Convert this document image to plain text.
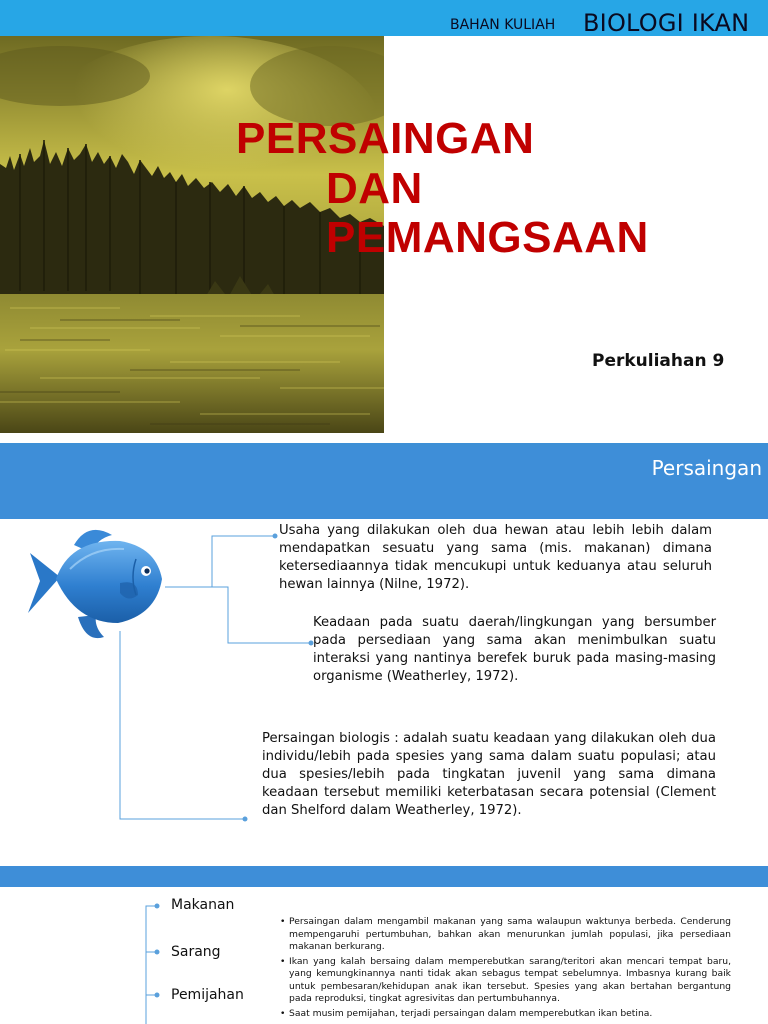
BAHAN KULIAH BIOLOGI IKAN
PERSAINGAN
DAN
PEMANGSAAN
Perkuliahan 9
Persaingan

Usaha yang dilakukan oleh dua hewan atau lebih lebih dalam mendapatkan sesuatu yang sama (mis. makanan) dimana ketersediaannya tidak mencukupi untuk keduanya atau seluruh hewan lainnya (Nilne, 1972).

Keadaan pada suatu daerah/lingkungan yang bersumber pada persediaan yang sama akan menimbulkan suatu interaksi yang nantinya berefek buruk pada masing-masing organisme (Weatherley, 1972).

Persaingan biologis : adalah suatu keadaan yang dilakukan oleh dua individu/lebih pada spesies yang sama dalam suatu populasi; atau dua spesies/lebih pada tingkatan juvenil yang sama dimana keadaan tersebut memiliki keterbatasan secara potensial (Clement dan Shelford dalam Weatherley, 1972).

Makanan
Sarang
Pemijahan
• Persaingan dalam mengambil makanan yang sama walaupun waktunya berbeda. Cenderung mempengaruhi pertumbuhan, bahkan akan menurunkan jumlah populasi, jika persediaan makanan berkurang.
• Ikan yang kalah bersaing dalam memperebutkan sarang/teritori akan mencari tempat baru, yang kemungkinannya nanti tidak akan sebagus tempat sebelumnya. Imbasnya kurang baik untuk pembesaran/kehidupan anak ikan tersebut. Spesies yang akan bertahan bergantung pada reproduksi, tingkat agresivitas dan pertumbuhannya.
• Saat musim pemijahan, terjadi persaingan dalam memperebutkan ikan betina.
